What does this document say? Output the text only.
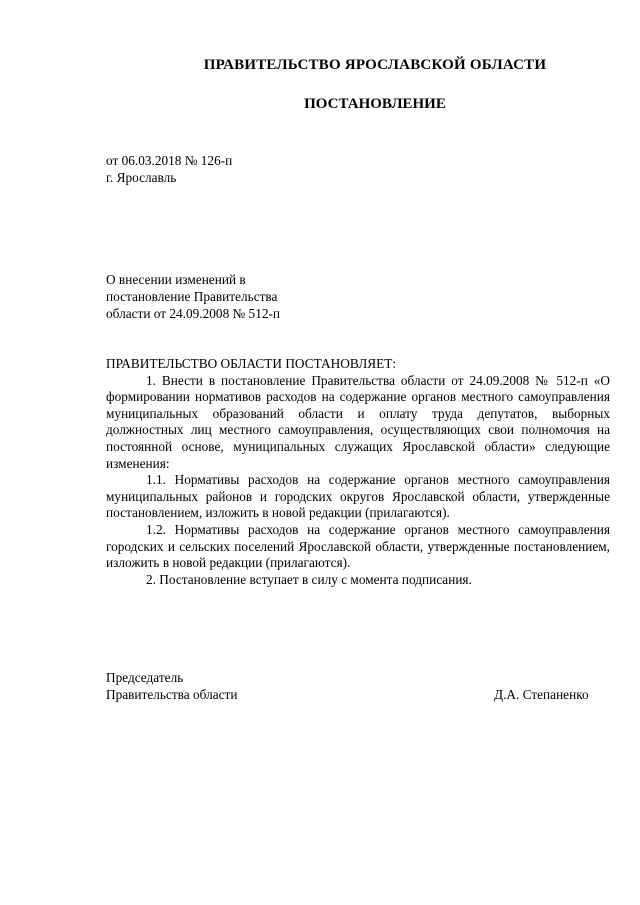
ПРАВИТЕЛЬСТВО ЯРОСЛАВСКОЙ ОБЛАСТИ
ПОСТАНОВЛЕНИЕ
от 06.03.2018 № 126-п
г. Ярославль
О внесении изменений в
постановление Правительства
области от 24.09.2008 № 512-п

ПРАВИТЕЛЬСТВО ОБЛАСТИ ПОСТАНОВЛЯЕТ:

1. Внести в постановление Правительства области от 24.09.2008 № 512-п «О формировании нормативов расходов на содержание органов местного самоуправления муниципальных образований области и оплату труда депутатов, выборных должностных лиц местного самоуправления, осуществляющих свои полномочия на постоянной основе, муниципальных служащих Ярославской области» следующие изменения:

1.1. Нормативы расходов на содержание органов местного самоуправления муниципальных районов и городских округов Ярославской области, утвержденные постановлением, изложить в новой редакции (прилагаются).

1.2. Нормативы расходов на содержание органов местного самоуправления городских и сельских поселений Ярославской области, утвержденные постановлением, изложить в новой редакции (прилагаются).

2. Постановление вступает в силу с момента подписания.

Председатель
Правительства области	Д.А. Степаненко
